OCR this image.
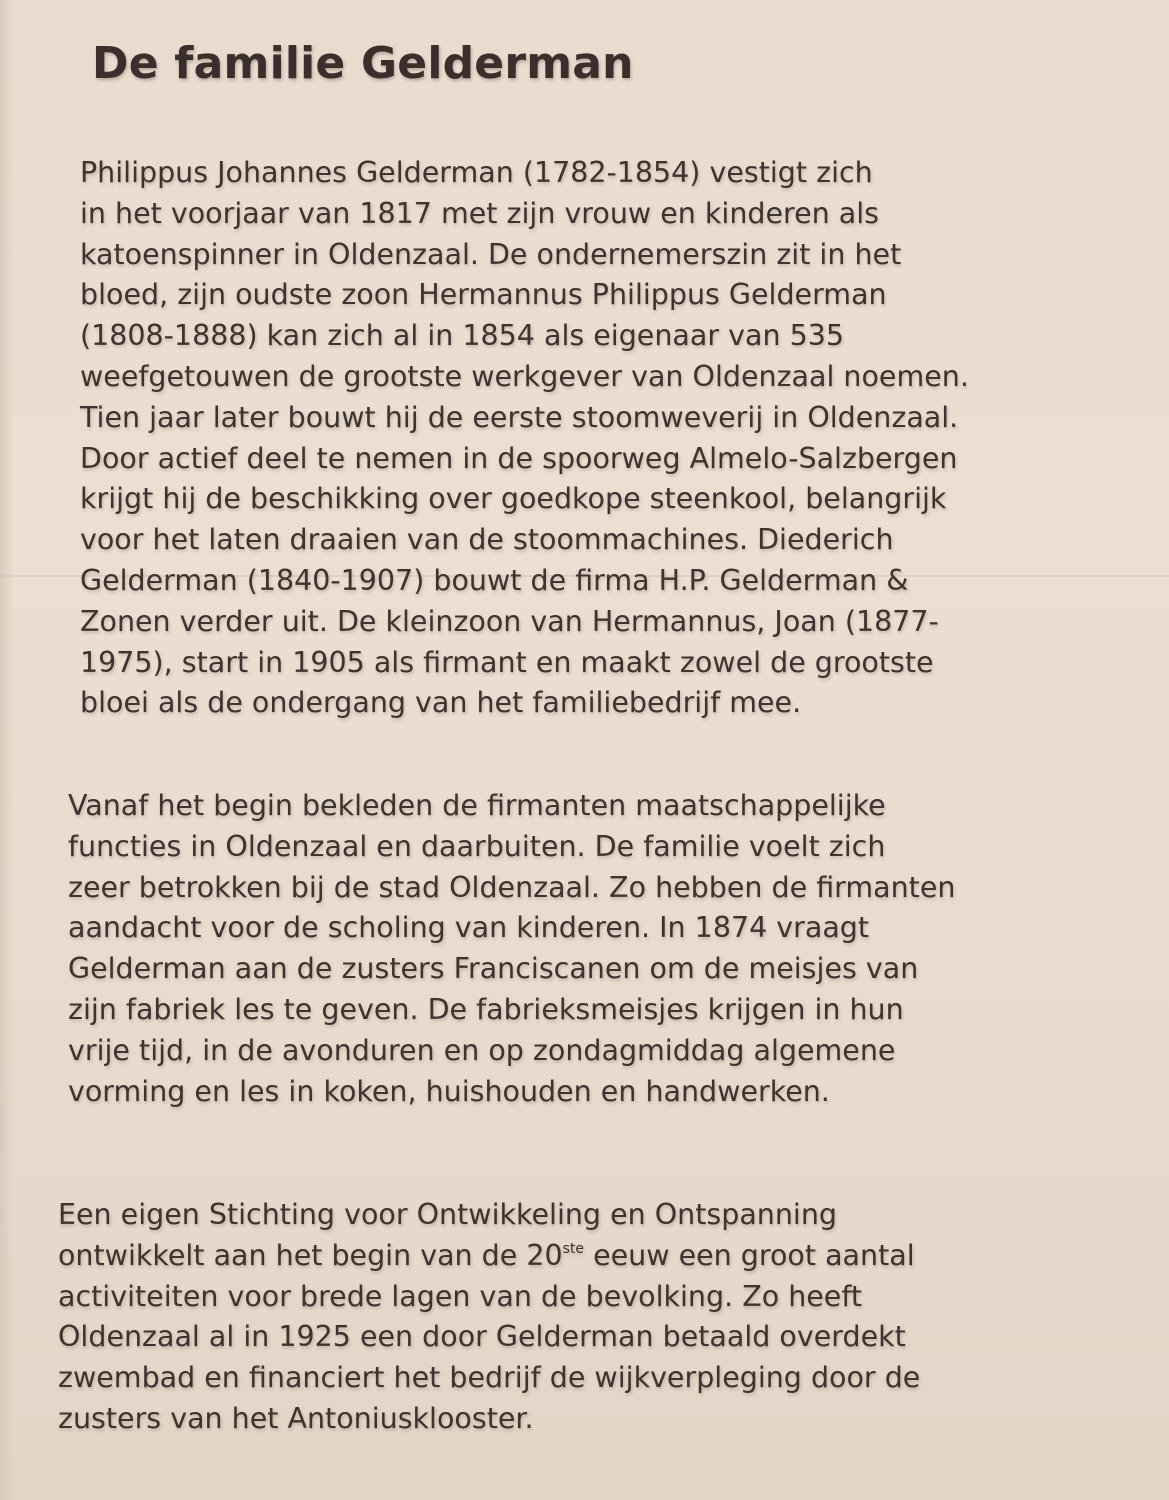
De familie Gelderman
Philippus Johannes Gelderman (1782-1854) vestigt zich
in het voorjaar van 1817 met zijn vrouw en kinderen als
katoenspinner in Oldenzaal. De ondernemerszin zit in het
bloed, zijn oudste zoon Hermannus Philippus Gelderman
(1808-1888) kan zich al in 1854 als eigenaar van 535
weefgetouwen de grootste werkgever van Oldenzaal noemen.
Tien jaar later bouwt hij de eerste stoomweverij in Oldenzaal.
Door actief deel te nemen in de spoorweg Almelo-Salzbergen
krijgt hij de beschikking over goedkope steenkool, belangrijk
voor het laten draaien van de stoommachines. Diederich
Gelderman (1840-1907) bouwt de firma H.P. Gelderman &
Zonen verder uit. De kleinzoon van Hermannus, Joan (1877-
1975), start in 1905 als firmant en maakt zowel de grootste
bloei als de ondergang van het familiebedrijf mee.
Vanaf het begin bekleden de firmanten maatschappelijke
functies in Oldenzaal en daarbuiten. De familie voelt zich
zeer betrokken bij de stad Oldenzaal. Zo hebben de firmanten
aandacht voor de scholing van kinderen. In 1874 vraagt
Gelderman aan de zusters Franciscanen om de meisjes van
zijn fabriek les te geven. De fabrieksmeisjes krijgen in hun
vrije tijd, in de avonduren en op zondagmiddag algemene
vorming en les in koken, huishouden en handwerken.
Een eigen Stichting voor Ontwikkeling en Ontspanning
ontwikkelt aan het begin van de 20ste eeuw een groot aantal
activiteiten voor brede lagen van de bevolking. Zo heeft
Oldenzaal al in 1925 een door Gelderman betaald overdekt
zwembad en financiert het bedrijf de wijkverpleging door de
zusters van het Antoniusklooster.
